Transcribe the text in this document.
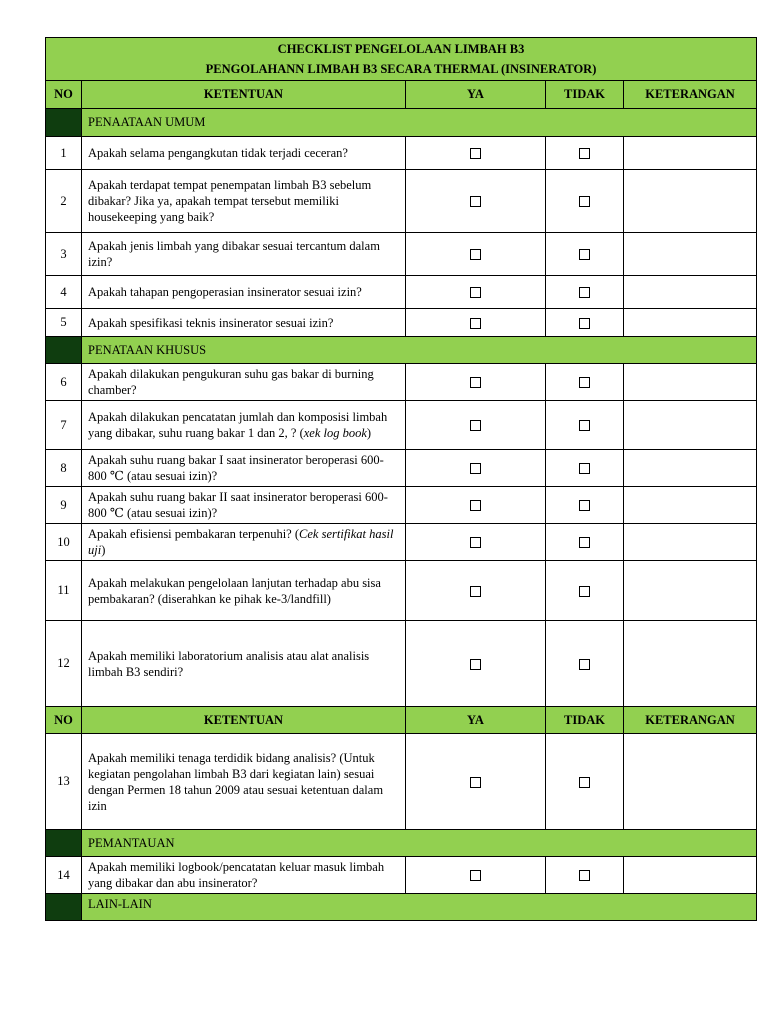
CHECKLIST PENGELOLAAN LIMBAH B3
PENGOLAHANN LIMBAH B3 SECARA THERMAL (INSINERATOR)				

NO	KETENTUAN	YA	TIDAK	KETERANGAN
	PENAATAAN UMUM			
1	Apakah selama pengangkutan tidak terjadi ceceran?			
2	Apakah terdapat tempat penempatan limbah B3 sebelum dibakar? Jika ya, apakah tempat tersebut memiliki housekeeping yang baik?			
3	Apakah jenis limbah yang dibakar sesuai tercantum dalam izin?			
4	Apakah tahapan pengoperasian insinerator sesuai izin?			
5	Apakah spesifikasi teknis insinerator sesuai izin?			
	PENATAAN KHUSUS			
6	Apakah dilakukan pengukuran suhu gas bakar di burning chamber?			
7	Apakah dilakukan pencatatan jumlah dan komposisi limbah yang dibakar, suhu ruang bakar 1 dan 2, ? (xek log book)			
8	Apakah suhu ruang bakar I saat insinerator beroperasi 600-800 ℃ (atau sesuai izin)?			
9	Apakah suhu ruang bakar II saat insinerator beroperasi 600-800 ℃ (atau sesuai izin)?			
10	Apakah efisiensi pembakaran terpenuhi? (Cek sertifikat hasil uji)			
11	Apakah melakukan pengelolaan lanjutan terhadap abu sisa pembakaran? (diserahkan ke pihak ke-3/landfill)			
12	Apakah memiliki laboratorium analisis atau alat analisis limbah B3 sendiri?			
NO	KETENTUAN	YA	TIDAK	KETERANGAN
13	Apakah memiliki tenaga terdidik bidang analisis? (Untuk kegiatan pengolahan limbah B3 dari kegiatan lain) sesuai dengan Permen 18 tahun 2009 atau sesuai ketentuan dalam izin			
	PEMANTAUAN			
14	Apakah memiliki logbook/pencatatan keluar masuk limbah yang dibakar dan abu insinerator?			
	LAIN-LAIN			
